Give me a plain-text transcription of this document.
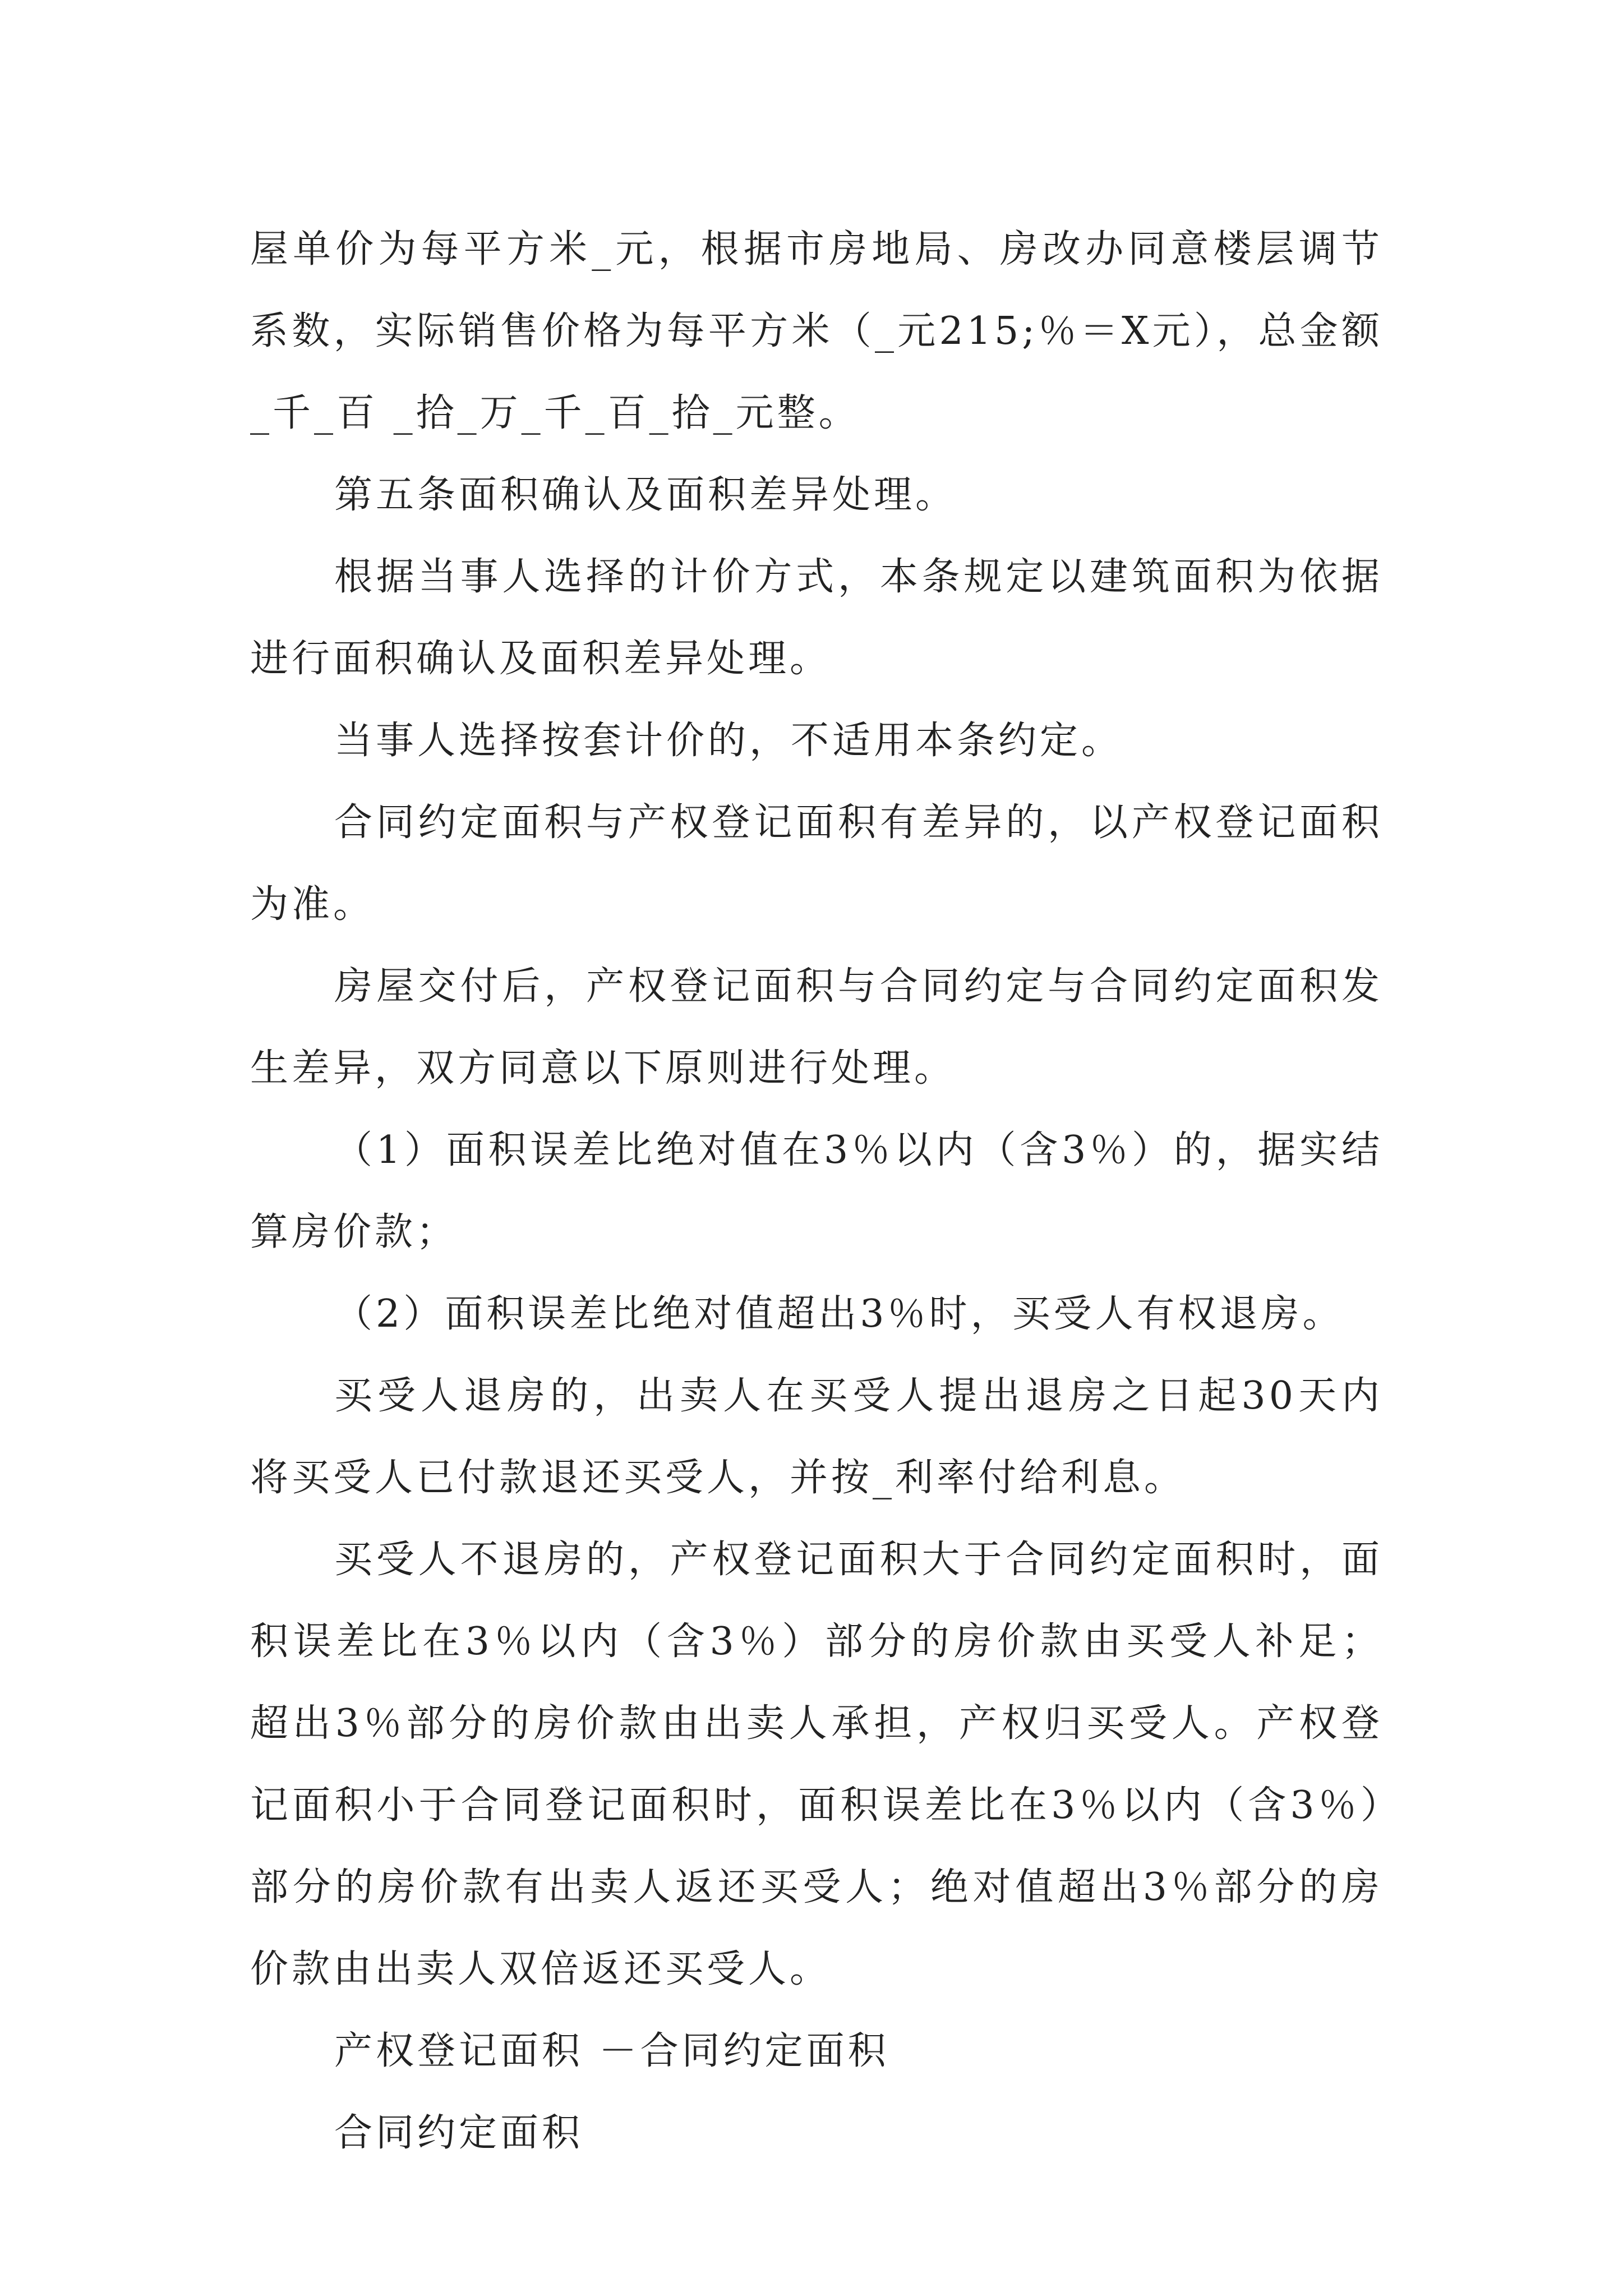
屋单价为每平方米_元，根据市房地局、房改办同意楼层调节系数，实际销售价格为每平方米（_元215;％＝X元），总金额 _千_百 _拾_万_千_百_拾_元整。

第五条面积确认及面积差异处理。

根据当事人选择的计价方式，本条规定以建筑面积为依据进行面积确认及面积差异处理。

当事人选择按套计价的，不适用本条约定。

合同约定面积与产权登记面积有差异的，以产权登记面积为准。

房屋交付后，产权登记面积与合同约定与合同约定面积发生差异，双方同意以下原则进行处理。

（1）面积误差比绝对值在3％以内（含3％）的，据实结算房价款；

（2）面积误差比绝对值超出3％时，买受人有权退房。

买受人退房的，出卖人在买受人提出退房之日起30天内将买受人已付款退还买受人，并按_利率付给利息。

买受人不退房的，产权登记面积大于合同约定面积时，面积误差比在3％以内（含3％）部分的房价款由买受人补足；超出3％部分的房价款由出卖人承担，产权归买受人。产权登记面积小于合同登记面积时，面积误差比在3％以内（含3％）部分的房价款有出卖人返还买受人；绝对值超出3％部分的房价款由出卖人双倍返还买受人。

产权登记面积 －合同约定面积

合同约定面积
